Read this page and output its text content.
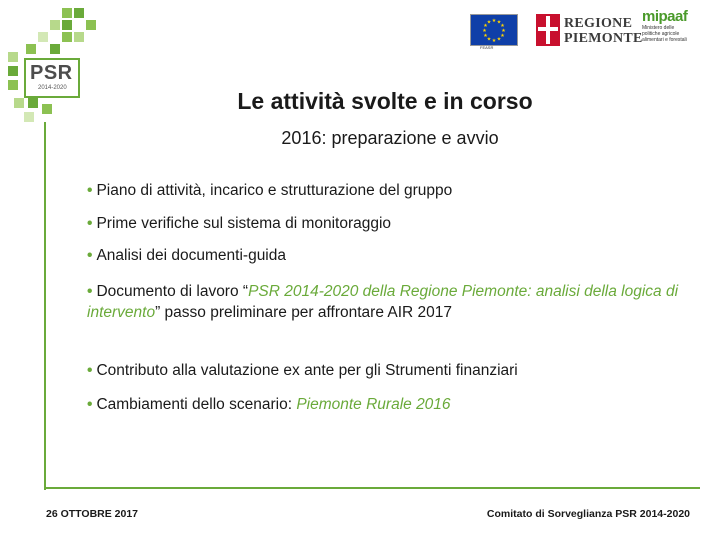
PSR
2014-2020
★ ★
★
★
★
★
★
★
★
★
★
★
FEASR
REGIONE
PIEMONTE
mipaaf
Ministero delle
politiche agricole
alimentari e forestali
Le attività svolte e in corso
2016: preparazione e avvio
• Piano di attività, incarico e strutturazione del gruppo
• Prime verifiche sul sistema di monitoraggio
• Analisi dei documenti-guida
• Documento di lavoro “PSR 2014-2020 della Regione Piemonte: analisi della logica di intervento” passo preliminare per affrontare AIR 2017
• Contributo alla valutazione ex ante per gli Strumenti finanziari
• Cambiamenti dello scenario: Piemonte Rurale 2016
26 OTTOBRE 2017	Comitato di Sorveglianza PSR 2014-2020
